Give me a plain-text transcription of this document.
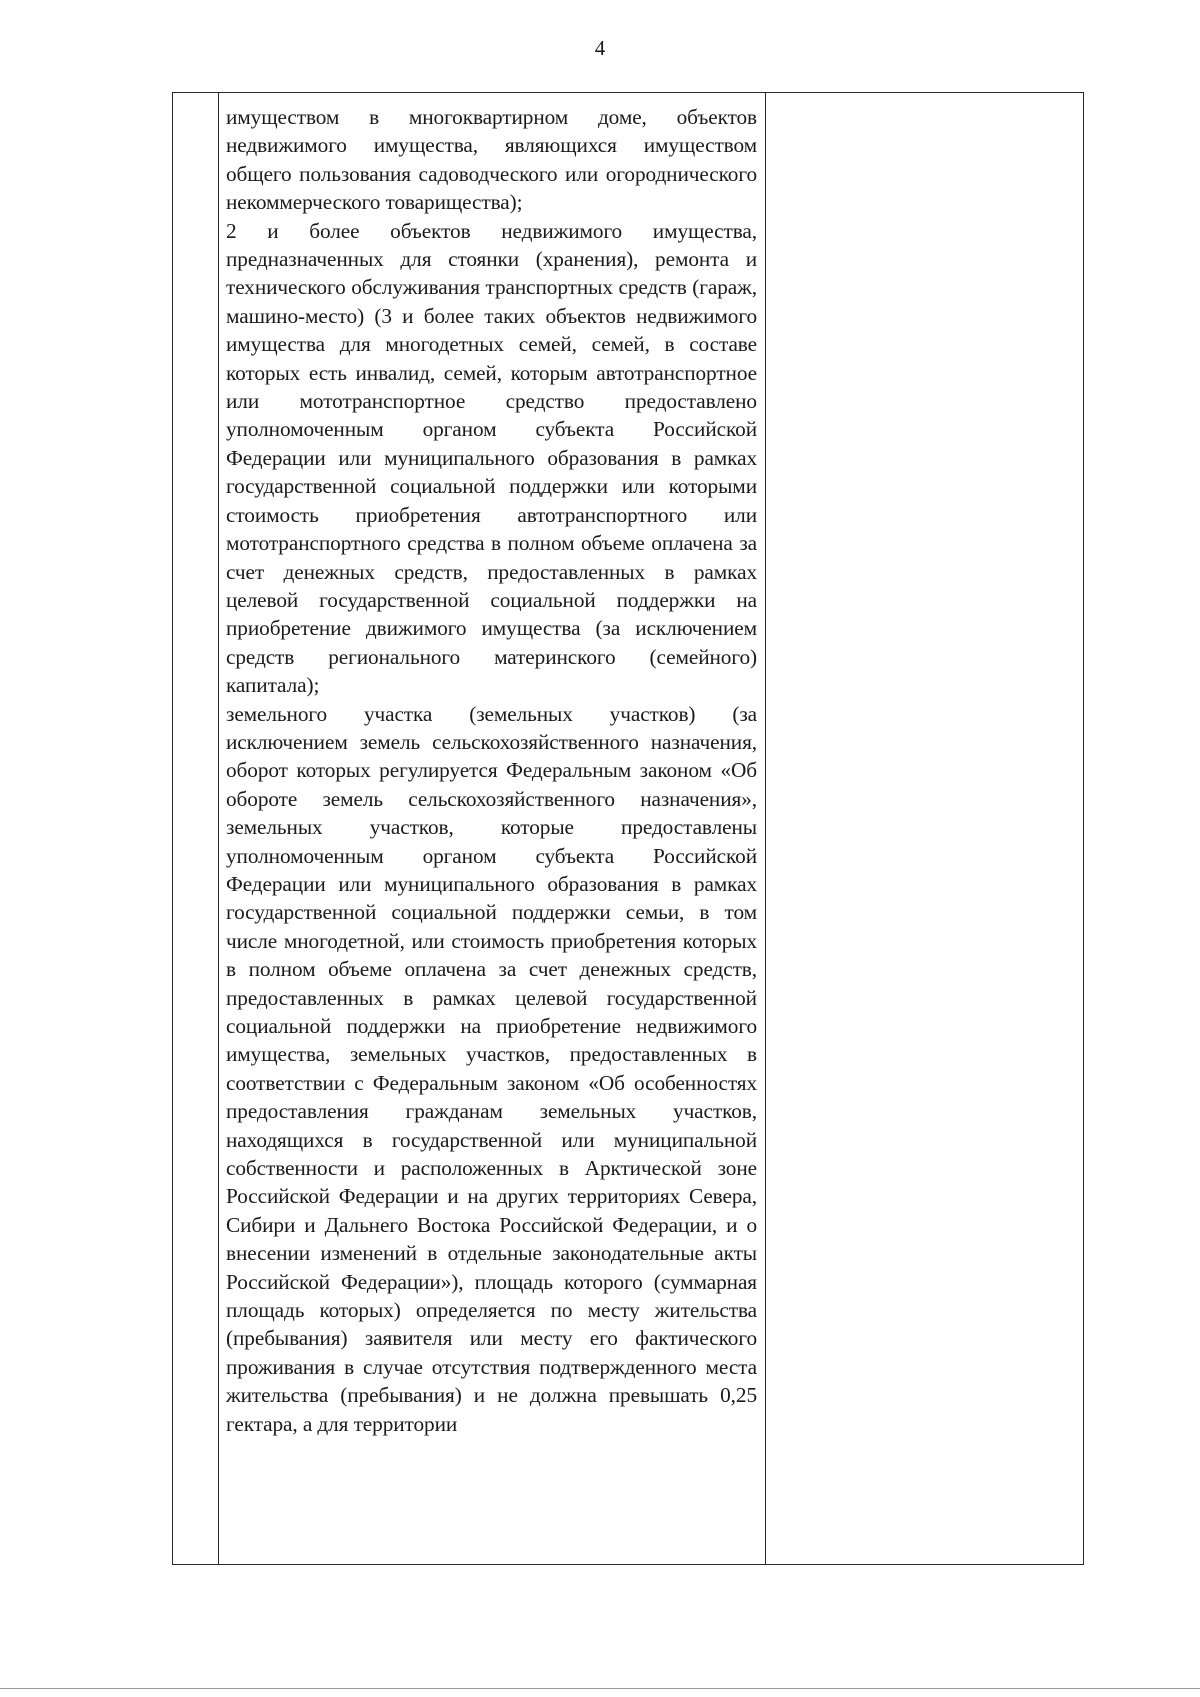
4

имуществом в многоквартирном доме, объектов недвижимого имущества, являющихся имуществом общего пользования садоводческого или огороднического некоммерческого товарищества);

2 и более объектов недвижимого имущества, предназначенных для стоянки (хранения), ремонта и технического обслуживания транспортных средств (гараж, машино-место) (3 и более таких объектов недвижимого имущества для многодетных семей, семей, в составе которых есть инвалид, семей, которым автотранспортное или мототранспортное средство предоставлено уполномоченным органом субъекта Российской Федерации или муниципального образования в рамках государственной социальной поддержки или которыми стоимость приобретения автотранспортного или мототранспортного средства в полном объеме оплачена за счет денежных средств, предоставленных в рамках целевой государственной социальной поддержки на приобретение движимого имущества (за исключением средств регионального материнского (семейного) капитала);

земельного участка (земельных участков) (за исключением земель сельскохозяйственного назначения, оборот которых регулируется Федеральным законом «Об обороте земель сельскохозяйственного назначения», земельных участков, которые предоставлены уполномоченным органом субъекта Российской Федерации или муниципального образования в рамках государственной социальной поддержки семьи, в том числе многодетной, или стоимость приобретения которых в полном объеме оплачена за счет денежных средств, предоставленных в рамках целевой государственной социальной поддержки на приобретение недвижимого имущества, земельных участков, предоставленных в соответствии с Федеральным законом «Об особенностях предоставления гражданам земельных участков, находящихся в государственной или муниципальной собственности и расположенных в Арктической зоне Российской Федерации и на других территориях Севера, Сибири и Дальнего Востока Российской Федерации, и о внесении изменений в отдельные законодательные акты Российской Федерации»), площадь которого (суммарная площадь которых) определяется по месту жительства (пребывания) заявителя или месту его фактического проживания в случае отсутствия подтвержденного места жительства (пребывания) и не должна превышать 0,25 гектара, а для территории
